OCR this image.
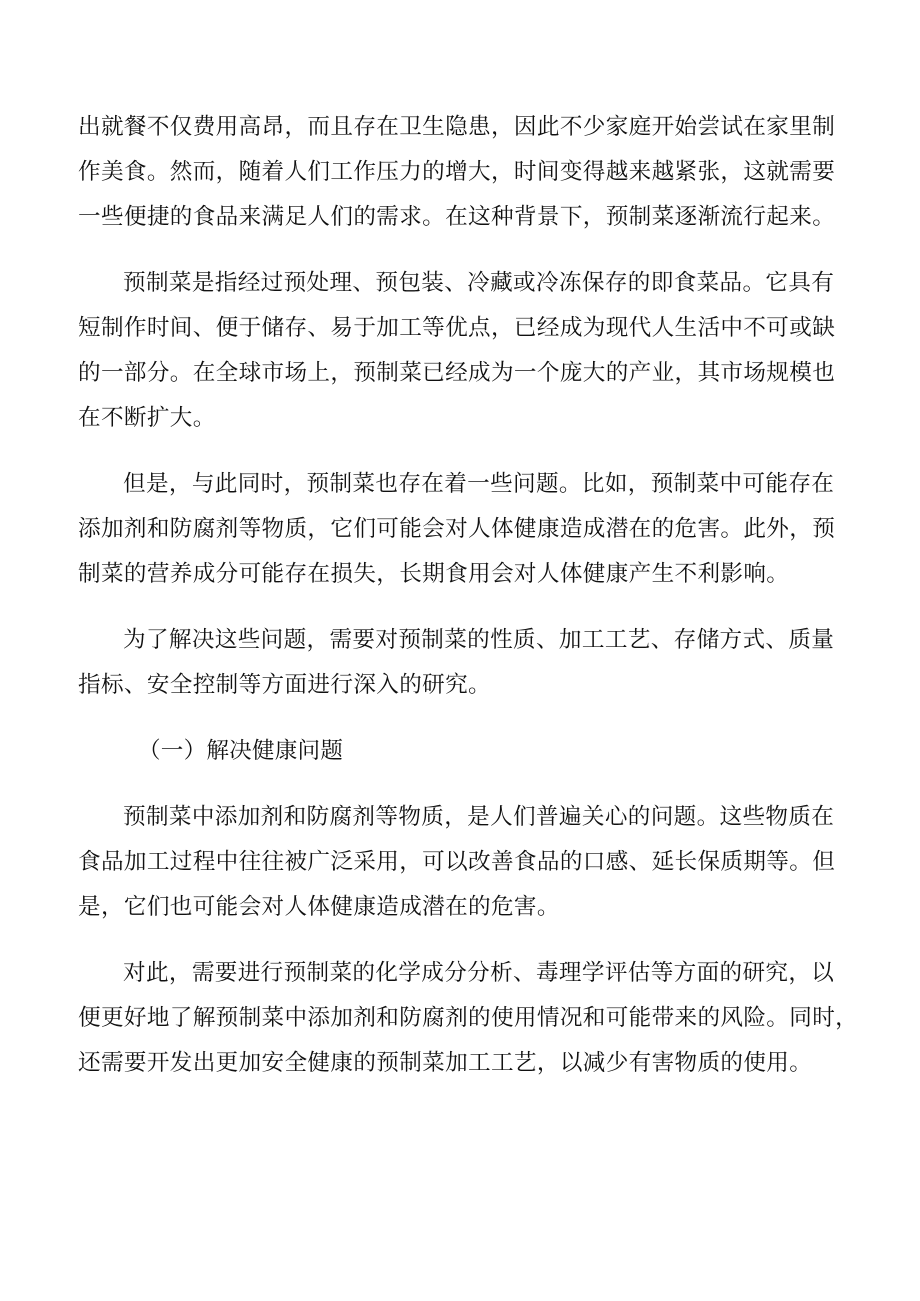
出就餐不仅费用高昂，而且存在卫生隐患，因此不少家庭开始尝试在家里制
作美食。然而，随着人们工作压力的增大，时间变得越来越紧张，这就需要
一些便捷的食品来满足人们的需求。在这种背景下，预制菜逐渐流行起来。

预制菜是指经过预处理、预包装、冷藏或冷冻保存的即食菜品。它具有
短制作时间、便于储存、易于加工等优点，已经成为现代人生活中不可或缺
的一部分。在全球市场上，预制菜已经成为一个庞大的产业，其市场规模也
在不断扩大。

但是，与此同时，预制菜也存在着一些问题。比如，预制菜中可能存在
添加剂和防腐剂等物质，它们可能会对人体健康造成潜在的危害。此外，预
制菜的营养成分可能存在损失，长期食用会对人体健康产生不利影响。

为了解决这些问题，需要对预制菜的性质、加工工艺、存储方式、质量
指标、安全控制等方面进行深入的研究。

（一）解决健康问题

预制菜中添加剂和防腐剂等物质，是人们普遍关心的问题。这些物质在
食品加工过程中往往被广泛采用，可以改善食品的口感、延长保质期等。但
是，它们也可能会对人体健康造成潜在的危害。

对此，需要进行预制菜的化学成分分析、毒理学评估等方面的研究，以
便更好地了解预制菜中添加剂和防腐剂的使用情况和可能带来的风险。同时，
还需要开发出更加安全健康的预制菜加工工艺，以减少有害物质的使用。
